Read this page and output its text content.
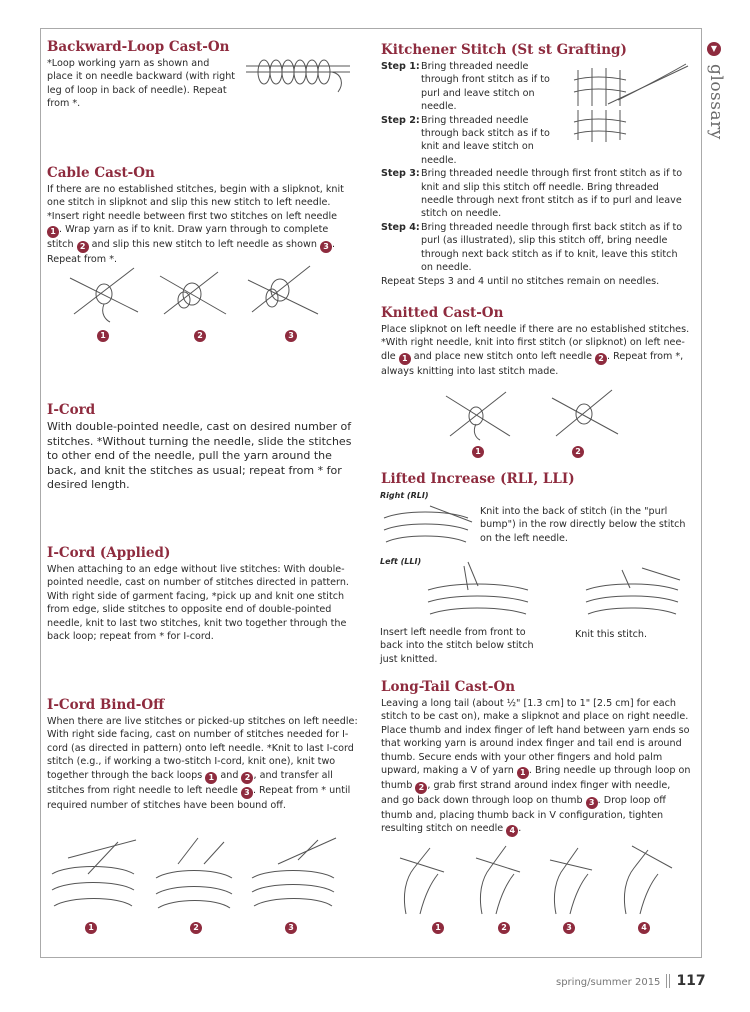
▼
glossary
Backward-Loop Cast-On
*Loop working yarn as shown and place it on needle backward (with right leg of loop in back of needle). Repeat from *.
Cable Cast-On
If there are no established stitches, begin with a slipknot, knit one stitch in slipknot and slip this new stitch to left needle. *Insert right needle between first two stitches on left needle 1 . Wrap yarn as if to knit. Draw yarn through to complete stitch 2 and slip this new stitch to left needle as shown 3 . Repeat from *.
1	2	3
I-Cord
With double-pointed needle, cast on desired number of stitches. *Without turning the needle, slide the stitches to other end of the needle, pull the yarn around the back, and knit the stitches as usual; repeat from * for desired length.
I-Cord (Applied)
When attaching to an edge without live stitches: With double-pointed needle, cast on number of stitches directed in pattern. With right side of garment facing, *pick up and knit one stitch from edge, slide stitches to opposite end of double-pointed needle, knit to last two stitches, knit two together through the back loop; repeat from * for I-cord.
I-Cord Bind-Off
When there are live stitches or picked-up stitches on left needle: With right side facing, cast on number of stitches needed for I-cord (as directed in pattern) onto left needle. *Knit to last I-cord stitch (e.g., if working a two-stitch I-cord, knit one), knit two together through the back loops 1 and 2 , and transfer all stitches from right needle to left needle 3 . Repeat from * until required number of stitches have been bound off.
1	2	3
Kitchener Stitch (St st Grafting)
Step 1: Bring threaded needle through front stitch as if to purl and leave stitch on needle.
Step 2: Bring threaded needle through back stitch as if to knit and leave stitch on needle.
Step 3: Bring threaded needle through first front stitch as if to knit and slip this stitch off needle. Bring threaded needle through next front stitch as if to purl and leave stitch on needle.
Step 4: Bring threaded needle through first back stitch as if to purl (as illustrated), slip this stitch off, bring needle through next back stitch as if to knit, leave this stitch on needle.
Repeat Steps 3 and 4 until no stitches remain on needles.
Knitted Cast-On
Place slipknot on left needle if there are no established stitches. *With right needle, knit into first stitch (or slipknot) on left nee-dle 1 and place new stitch onto left needle 2 . Repeat from *, always knitting into last stitch made.
1	2
Lifted Increase (RLI, LLI)
Right (RLI)
Knit into the back of stitch (in the "purl bump") in the row directly below the stitch on the left needle.
Left (LLI)
Insert left needle from front to back into the stitch below stitch just knitted.
Knit this stitch.
Long-Tail Cast-On
Leaving a long tail (about ½" [1.3 cm] to 1" [2.5 cm] for each stitch to be cast on), make a slipknot and place on right needle. Place thumb and index finger of left hand between yarn ends so that working yarn is around index finger and tail end is around thumb. Secure ends with your other fingers and hold palm upward, making a V of yarn 1 . Bring needle up through loop on thumb 2 , grab first strand around index finger with needle, and go back down through loop on thumb 3 . Drop loop off thumb and, placing thumb back in V configuration, tighten resulting stitch on needle 4 .
1	2	3	4
spring/summer 2015 117
